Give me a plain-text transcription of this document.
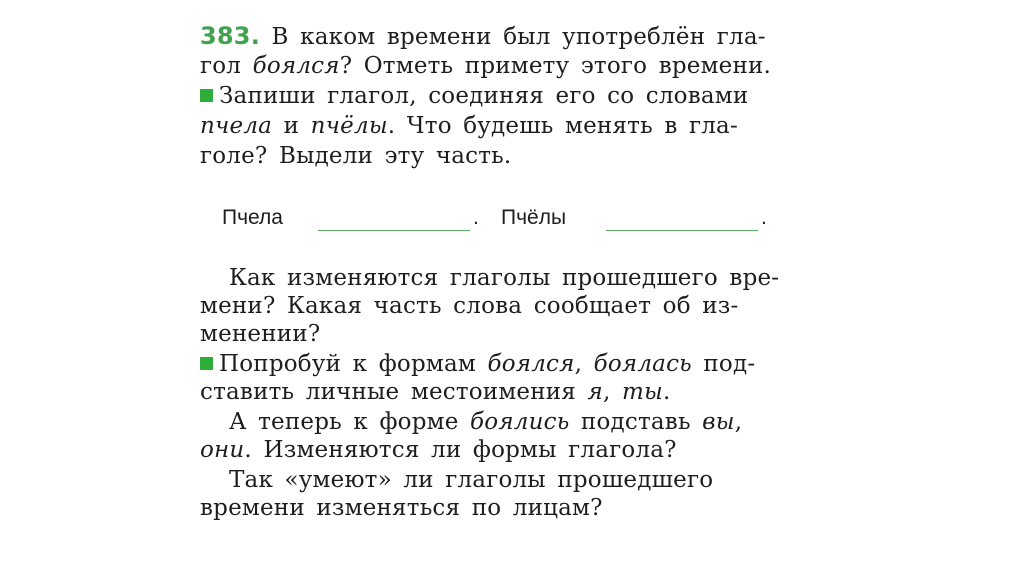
383. В каком времени был употреблён гла-
гол боялся? Отметь примету этого времени.
Запиши глагол, соединяя его со словами
пчела и пчёлы. Что будешь менять в гла-
голе? Выдели эту часть.
Пчела	. Пчёлы	.
Как изменяются глаголы прошедшего вре-
мени? Какая часть слова сообщает об из-
менении?
Попробуй к формам боялся, боялась под-
ставить личные местоимения я, ты.
А теперь к форме боялись подставь вы,
они. Изменяются ли формы глагола?
Так «умеют» ли глаголы прошедшего
времени изменяться по лицам?
